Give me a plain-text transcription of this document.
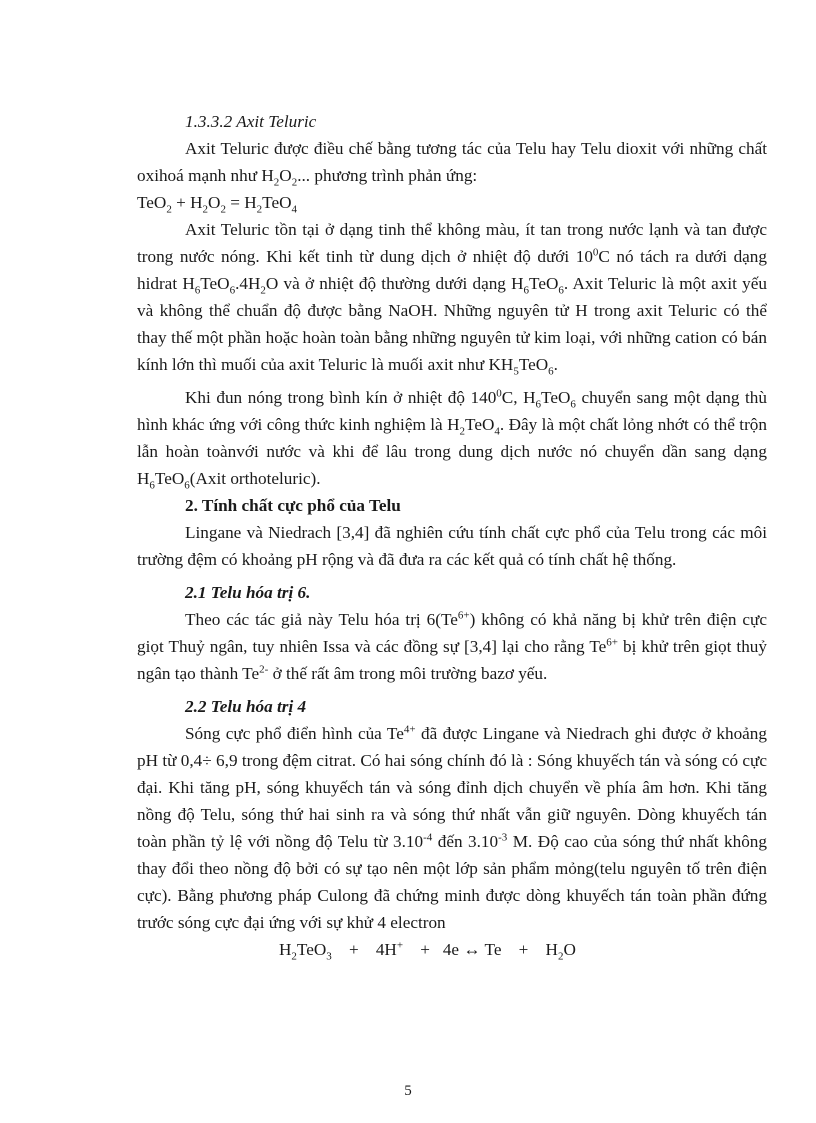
1.3.3.2 Axit Teluric

Axit Teluric được điều chế bằng tương tác của Telu hay Telu dioxit với những chất oxihoá mạnh như $H_2O_2$... phương trình phản ứng:

$TeO_2 + H_2O_2 = H_2TeO_4$

Axit Teluric tồn tại ở dạng tinh thể không màu, ít tan trong nước lạnh và tan được trong nước nóng. Khi kết tinh từ dung dịch ở nhiệt độ dưới $10^0C$ nó tách ra dưới dạng hidrat $H_6TeO_6.4H_2O$ và ở nhiệt độ thường dưới dạng $H_6TeO_6$. Axit Teluric là một axit yếu và không thể chuẩn độ được bằng NaOH. Những nguyên tử H trong axit Teluric có thể thay thế một phần hoặc hoàn toàn bằng những nguyên tử kim loại, với những cation có bán kính lớn thì muối của axit Teluric là muối axit như $KH_5TeO_6$.

Khi đun nóng trong bình kín ở nhiệt độ $140^0C$, $H_6TeO_6$ chuyển sang một dạng thù hình khác ứng với công thức kinh nghiệm là $H_2TeO_4$. Đây là một chất lỏng nhớt có thể trộn lẫn hoàn toànvới nước và khi để lâu trong dung dịch nước nó chuyển dần sang dạng $H_6TeO_6(Axit$ orthoteluric).

2. Tính chất cực phổ của Telu

Lingane và Niedrach [3,4] đã nghiên cứu tính chất cực phổ của Telu trong các môi trường đệm có khoảng pH rộng và đã đưa ra các kết quả có tính chất hệ thống.

2.1 Telu hóa trị 6.

Theo các tác giả này Telu hóa trị $6(Te^{6+})$ không có khả năng bị khử trên điện cực giọt Thuỷ ngân, tuy nhiên Issa và các đồng sự [3,4] lại cho rằng $Te^{6+}$ bị khử trên giọt thuỷ ngân tạo thành $Te^{2-}$ ở thế rất âm trong môi trường bazơ yếu.

2.2 Telu hóa trị 4

Sóng cực phổ điển hình của $Te^{4+}$ đã được Lingane và Niedrach ghi được ở khoảng pH từ 0,4÷ 6,9 trong đệm citrat. Có hai sóng chính đó là : Sóng khuyếch tán và sóng có cực đại. Khi tăng pH, sóng khuyếch tán và sóng đỉnh dịch chuyển về phía âm hơn. Khi tăng nồng độ Telu, sóng thứ hai sinh ra và sóng thứ nhất vẫn giữ nguyên. Dòng khuyếch tán toàn phần tỷ lệ với nồng độ Telu từ $3.10^{-4}$ đến $3.10^{-3}$ M. Độ cao của sóng thứ nhất không thay đổi theo nồng độ bởi có sự tạo nên một lớp sản phẩm mỏng(telu nguyên tố trên điện cực). Bằng phương pháp Culong đã chứng minh được dòng khuyếch tán toàn phần đứng trước sóng cực đại ứng với sự khử 4 electron

$H_2TeO_3$    +    4H+    +   4e ↔ Te    +    $H_2O$

5
